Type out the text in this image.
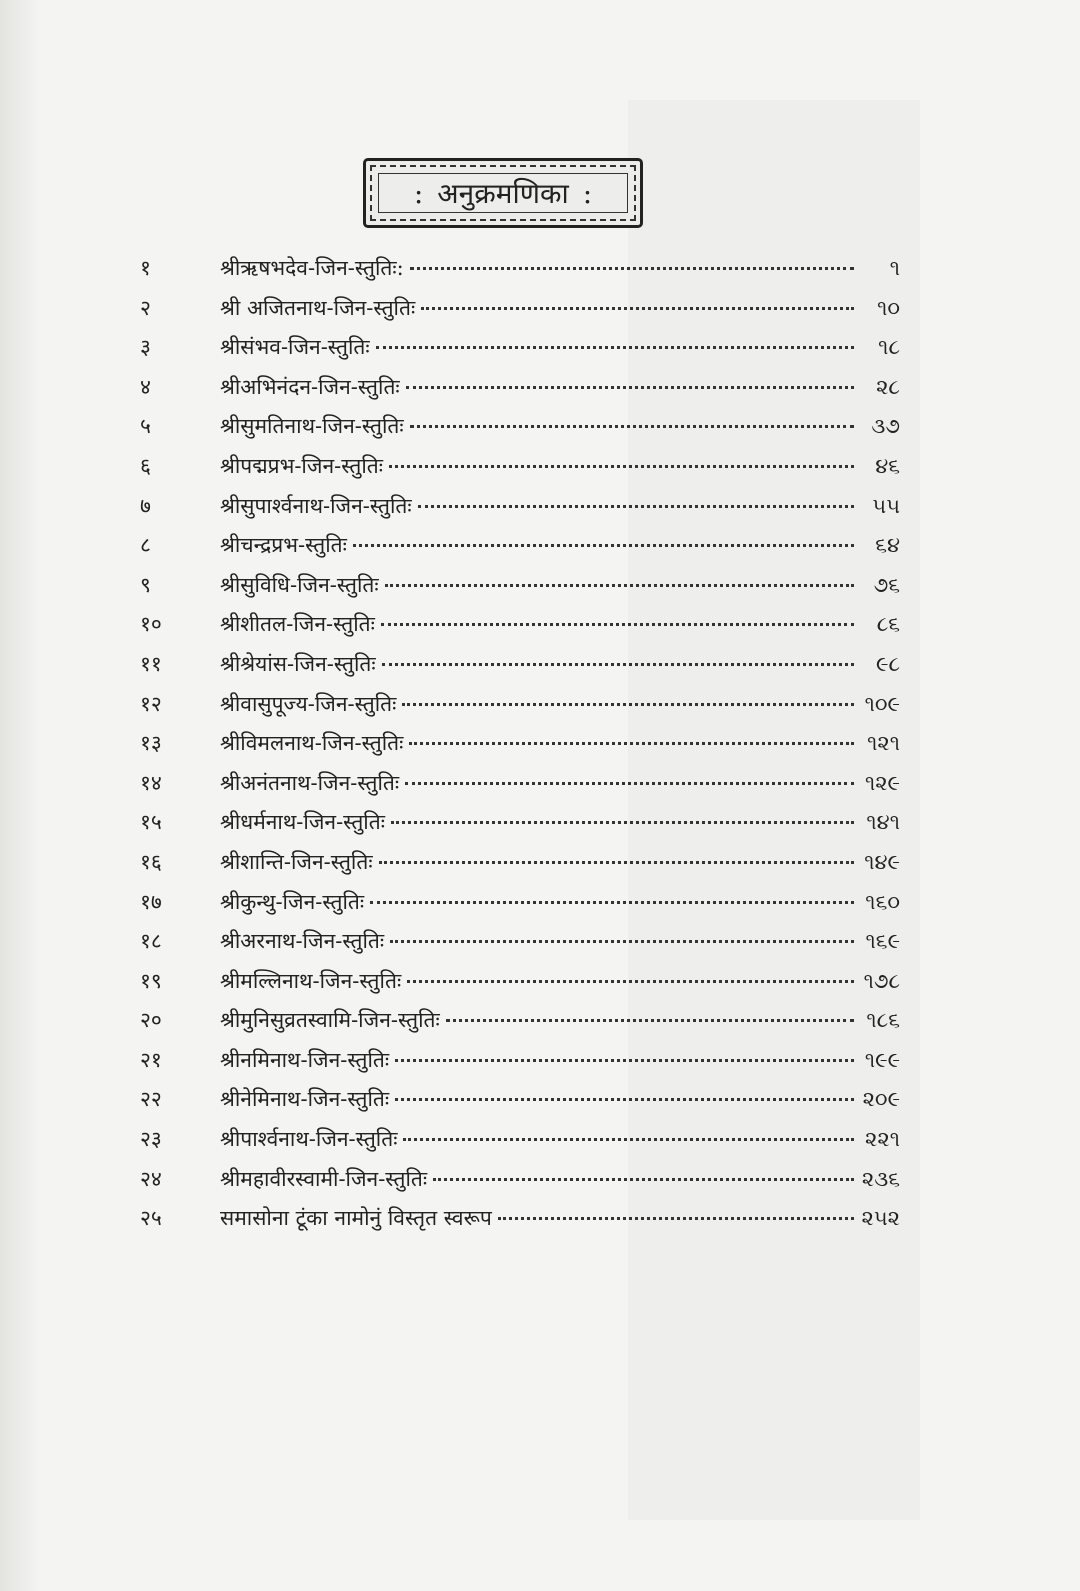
: अनुक्रमणिका :
१	श्रीऋषभदेव-जिन-स्तुतिः:	૧
२	श्री अजितनाथ-जिन-स्तुतिः	૧૦
३	श्रीसंभव-जिन-स्तुतिः	૧૮
४	श्रीअभिनंदन-जिन-स्तुतिः	૨૮
५	श्रीसुमतिनाथ-जिन-स्तुतिः	૩૭
६	श्रीपद्मप्रभ-जिन-स्तुतिः	૪૬
७	श्रीसुपार्श्वनाथ-जिन-स्तुतिः	૫૫
८	श्रीचन्द्रप्रभ-स्तुतिः	૬૪
९	श्रीसुविधि-जिन-स्तुतिः	૭૬
१०	श्रीशीतल-जिन-स्तुतिः	૮૬
११	श्रीश्रेयांस-जिन-स्तुतिः	૯૮
१२	श्रीवासुपूज्य-जिन-स्तुतिः	૧૦૯
१३	श्रीविमलनाथ-जिन-स्तुतिः	૧૨૧
१४	श्रीअनंतनाथ-जिन-स्तुतिः	૧૨૯
१५	श्रीधर्मनाथ-जिन-स्तुतिः	૧૪૧
१६	श्रीशान्ति-जिन-स्तुतिः	૧૪૯
१७	श्रीकुन्थु-जिन-स्तुतिः	૧૬૦
१८	श्रीअरनाथ-जिन-स्तुतिः	૧૬૯
१९	श्रीमल्लिनाथ-जिन-स्तुतिः	૧૭૮
२०	श्रीमुनिसुव्रतस्वामि-जिन-स्तुतिः	૧૮૬
२१	श्रीनमिनाथ-जिन-स्तुतिः	૧૯૯
२२	श्रीनेमिनाथ-जिन-स्तुतिः	૨૦૯
२३	श्रीपार्श्वनाथ-जिन-स्तुतिः	૨૨૧
२४	श्रीमहावीरस्वामी-जिन-स्तुतिः	૨૩૬
२५	समासोना टूंका नामोनुं विस्तृत स्वरूप	૨૫૨
